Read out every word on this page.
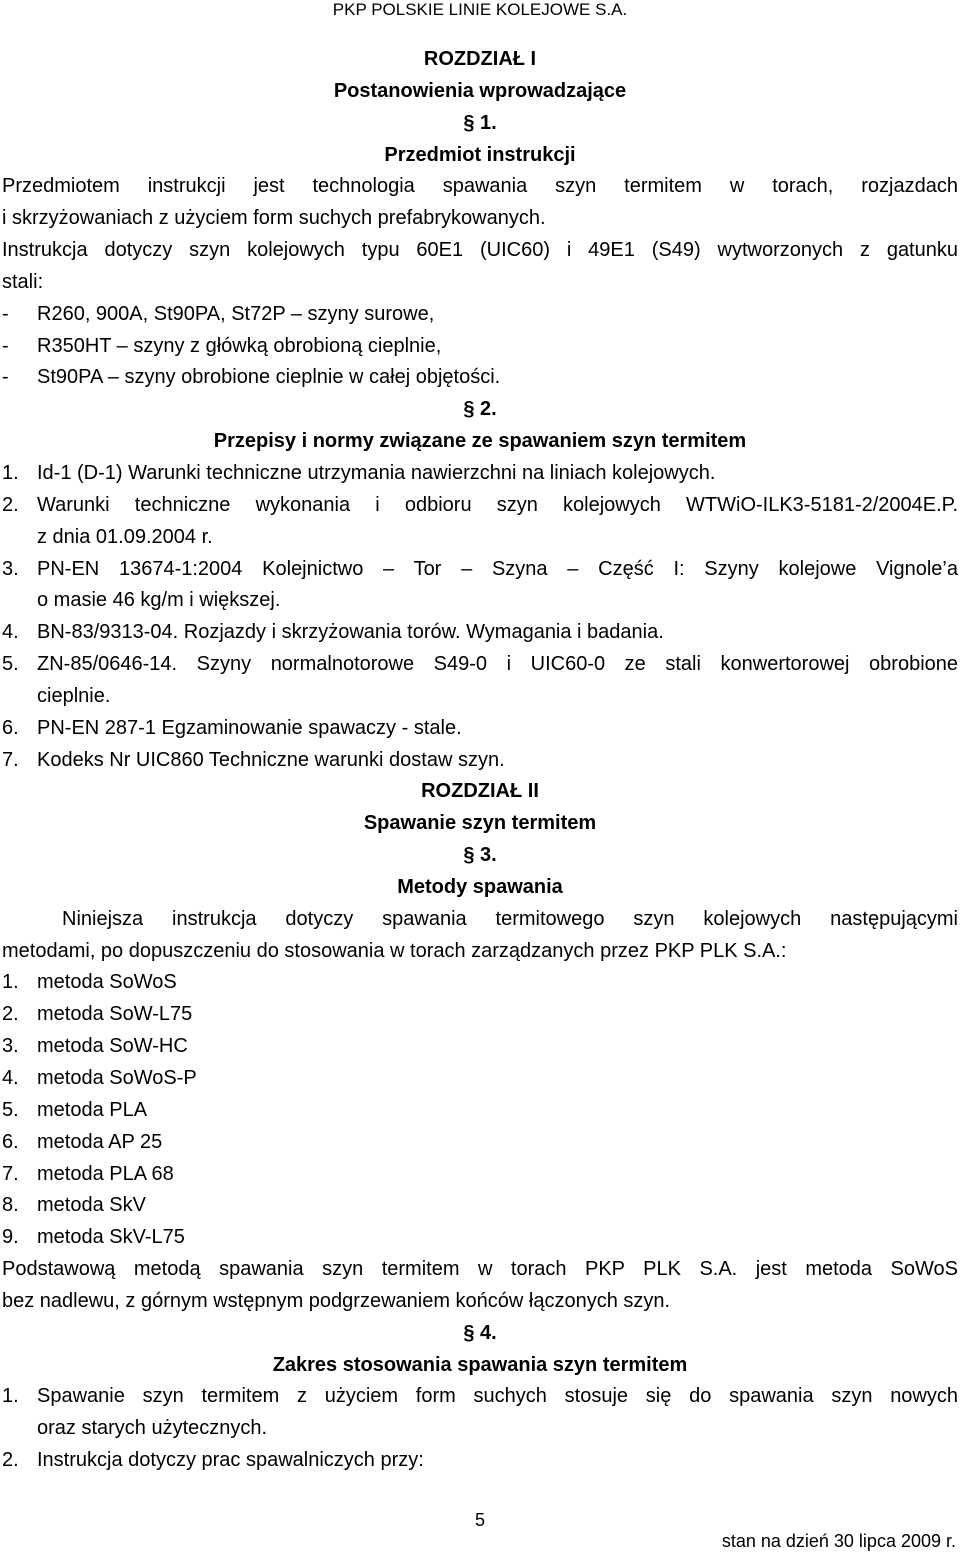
PKP POLSKIE LINIE KOLEJOWE S.A.
ROZDZIAŁ I
Postanowienia wprowadzające
§ 1.
Przedmiot instrukcji
Przedmiotem instrukcji jest technologia spawania szyn termitem w torach, rozjazdach
i skrzyżowaniach z użyciem form suchych prefabrykowanych.
Instrukcja dotyczy szyn kolejowych typu 60E1 (UIC60) i 49E1 (S49) wytworzonych z gatunku
stali:
-	R260, 900A, St90PA, St72P – szyny surowe,
-	R350HT – szyny z główką obrobioną cieplnie,
-	St90PA – szyny obrobione cieplnie w całej objętości.
§ 2.
Przepisy i normy związane ze spawaniem szyn termitem
1. Id-1 (D-1) Warunki techniczne utrzymania nawierzchni na liniach kolejowych.
2. Warunki techniczne wykonania i odbioru szyn kolejowych WTWiO-ILK3-5181-2/2004E.P.
z dnia 01.09.2004 r.
3. PN-EN 13674-1:2004 Kolejnictwo – Tor – Szyna – Część I: Szyny kolejowe Vignole’a
o masie 46 kg/m i większej.
4. BN-83/9313-04. Rozjazdy i skrzyżowania torów. Wymagania i badania.
5. ZN-85/0646-14. Szyny normalnotorowe S49-0 i UIC60-0 ze stali konwertorowej obrobione
cieplnie.
6. PN-EN 287-1 Egzaminowanie spawaczy - stale.
7. Kodeks Nr UIC860 Techniczne warunki dostaw szyn.
ROZDZIAŁ II
Spawanie szyn termitem
§ 3.
Metody spawania
Niniejsza instrukcja dotyczy spawania termitowego szyn kolejowych następującymi
metodami, po dopuszczeniu do stosowania w torach zarządzanych przez PKP PLK S.A.:
1. metoda SoWoS
2. metoda SoW-L75
3. metoda SoW-HC
4. metoda SoWoS-P
5. metoda PLA
6. metoda AP 25
7. metoda PLA 68
8. metoda SkV
9. metoda SkV-L75
Podstawową metodą spawania szyn termitem w torach PKP PLK S.A. jest metoda SoWoS
bez nadlewu, z górnym wstępnym podgrzewaniem końców łączonych szyn.
§ 4.
Zakres stosowania spawania szyn termitem
1. Spawanie szyn termitem z użyciem form suchych stosuje się do spawania szyn nowych
oraz starych użytecznych.
2. Instrukcja dotyczy prac spawalniczych przy:
5
stan na dzień 30 lipca 2009 r.
